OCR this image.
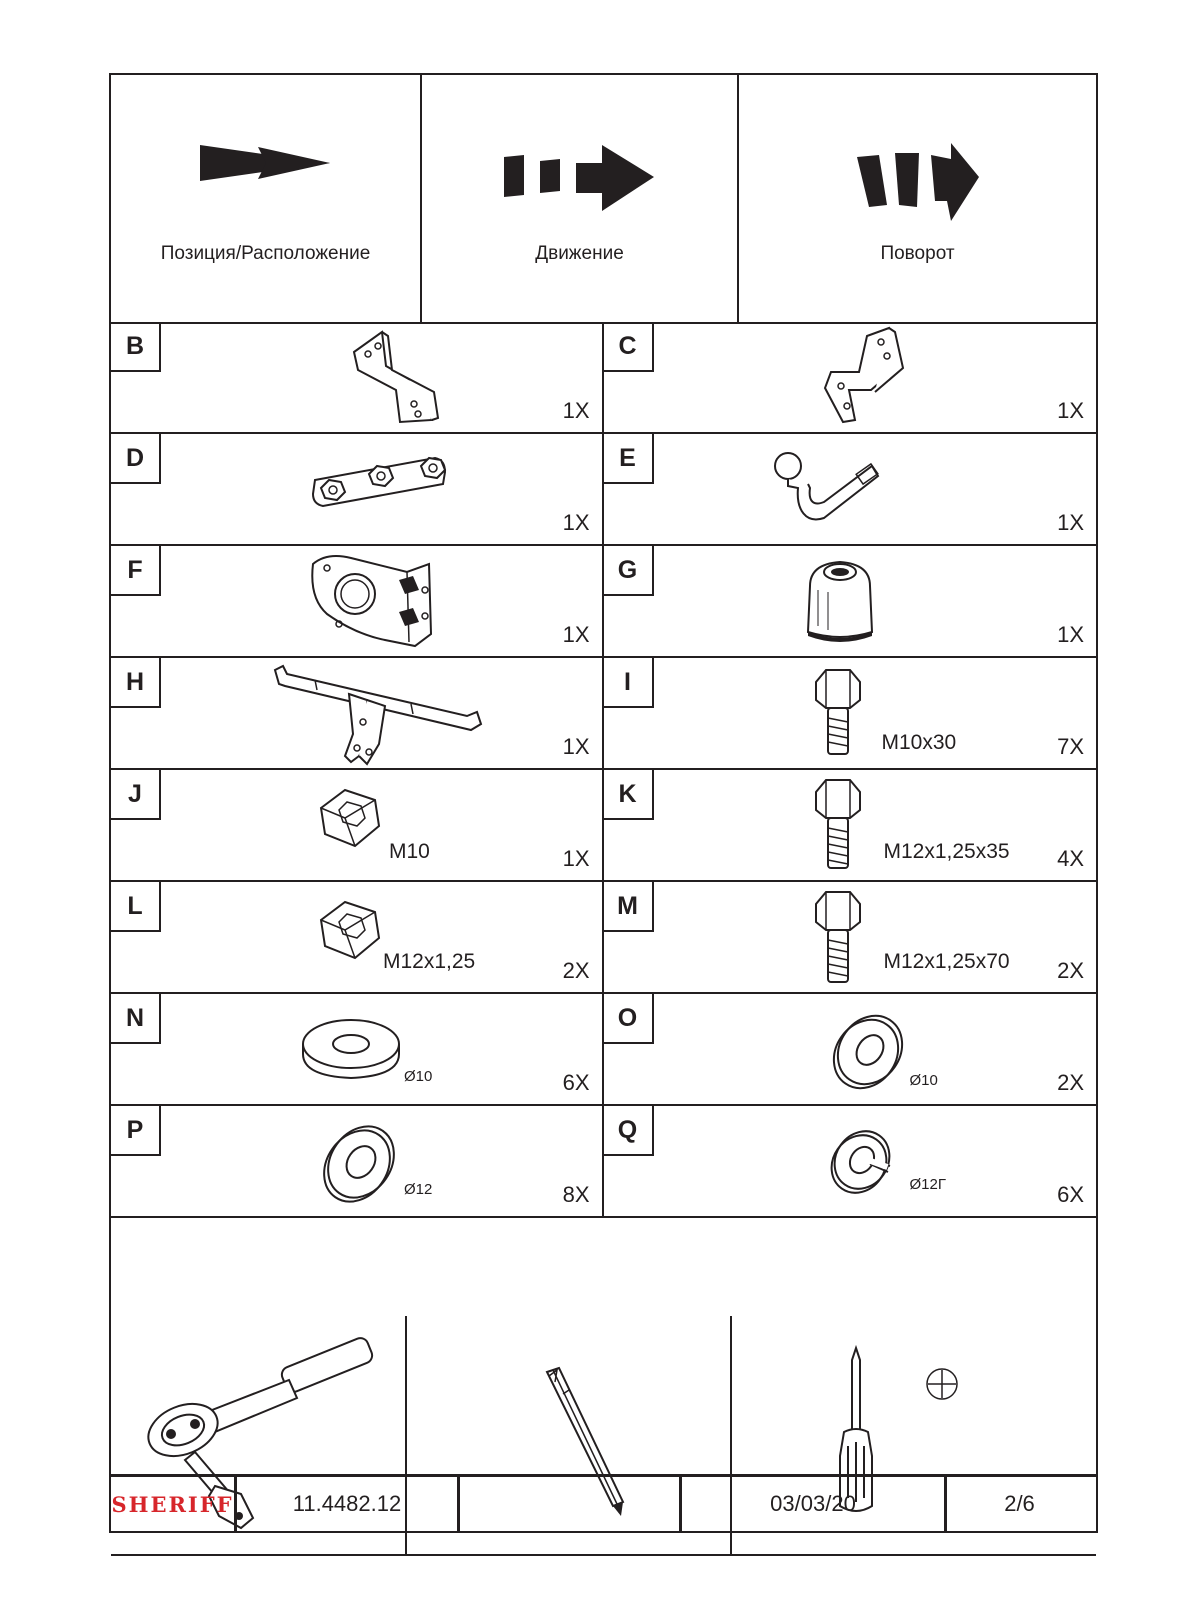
Позиция/Расположение	Движение	Поворот
B
1X
C
1X
D
1X
E
1X
F
1X
G
1X
H
1X
I
M10x30	7X
J
M10	1X
K
M12x1,25x35 4X
L
M12x1,25	2X
M
M12x1,25x70 2X
N
Ø10	6X
O
Ø10	2X
P
Ø12	8X
Q
Ø12Г	6X
SHERIFF	11.4482.12	03/03/20	2/6
